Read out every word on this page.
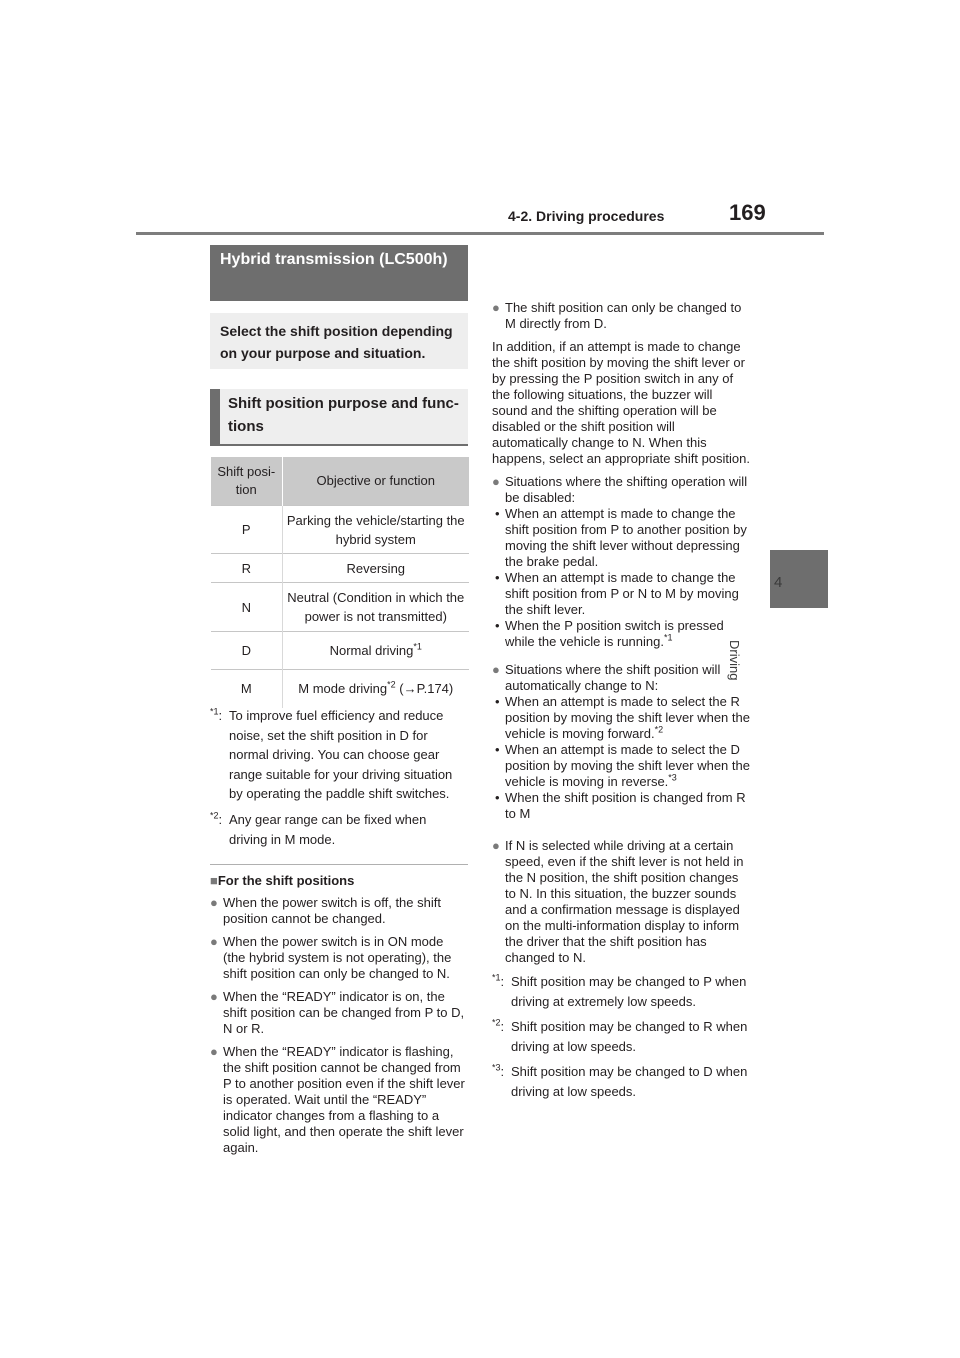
4-2. Driving procedures	169
4
Driving
Hybrid transmission (LC500h)
Select the shift position depending on your purpose and situation.
Shift position purpose and func-tions
Shift posi-tion	Objective or function
P	Parking the vehicle/starting the hybrid system
R	Reversing
N	Neutral (Condition in which the power is not transmitted)
D	Normal driving$^{*1}$
M	M mode driving$^{*2}$ (→P.174)
$^{*1}$: To improve fuel efficiency and reduce noise, set the shift position in D for normal driving. You can choose gear range suitable for your driving situation by operating the paddle shift switches.
$^{*2}$: Any gear range can be fixed when driving in M mode.
■For the shift positions
● When the power switch is off, the shift position cannot be changed.
● When the power switch is in ON mode (the hybrid system is not operating), the shift position can only be changed to N.
● When the “READY” indicator is on, the shift position can be changed from P to D, N or R.
● When the “READY” indicator is flashing, the shift position cannot be changed from P to another position even if the shift lever is operated. Wait until the “READY” indicator changes from a flashing to a solid light, and then operate the shift lever again.
● The shift position can only be changed to M directly from D.
In addition, if an attempt is made to change the shift position by moving the shift lever or by pressing the P position switch in any of the following situations, the buzzer will sound and the shifting operation will be disabled or the shift position will automatically change to N. When this happens, select an appropriate shift position.
● Situations where the shifting operation will be disabled:
• When an attempt is made to change the shift position from P to another position by moving the shift lever without depressing the brake pedal.
• When an attempt is made to change the shift position from P or N to M by moving the shift lever.
• When the P position switch is pressed while the vehicle is running.$^{*1}$
● Situations where the shift position will automatically change to N:
• When an attempt is made to select the R position by moving the shift lever when the vehicle is moving forward.$^{*2}$
• When an attempt is made to select the D position by moving the shift lever when the vehicle is moving in reverse.$^{*3}$
• When the shift position is changed from R to M
● If N is selected while driving at a certain speed, even if the shift lever is not held in the N position, the shift position changes to N. In this situation, the buzzer sounds and a confirmation message is displayed on the multi-information display to inform the driver that the shift position has changed to N.
$^{*1}$: Shift position may be changed to P when driving at extremely low speeds.
$^{*2}$: Shift position may be changed to R when driving at low speeds.
$^{*3}$: Shift position may be changed to D when driving at low speeds.
